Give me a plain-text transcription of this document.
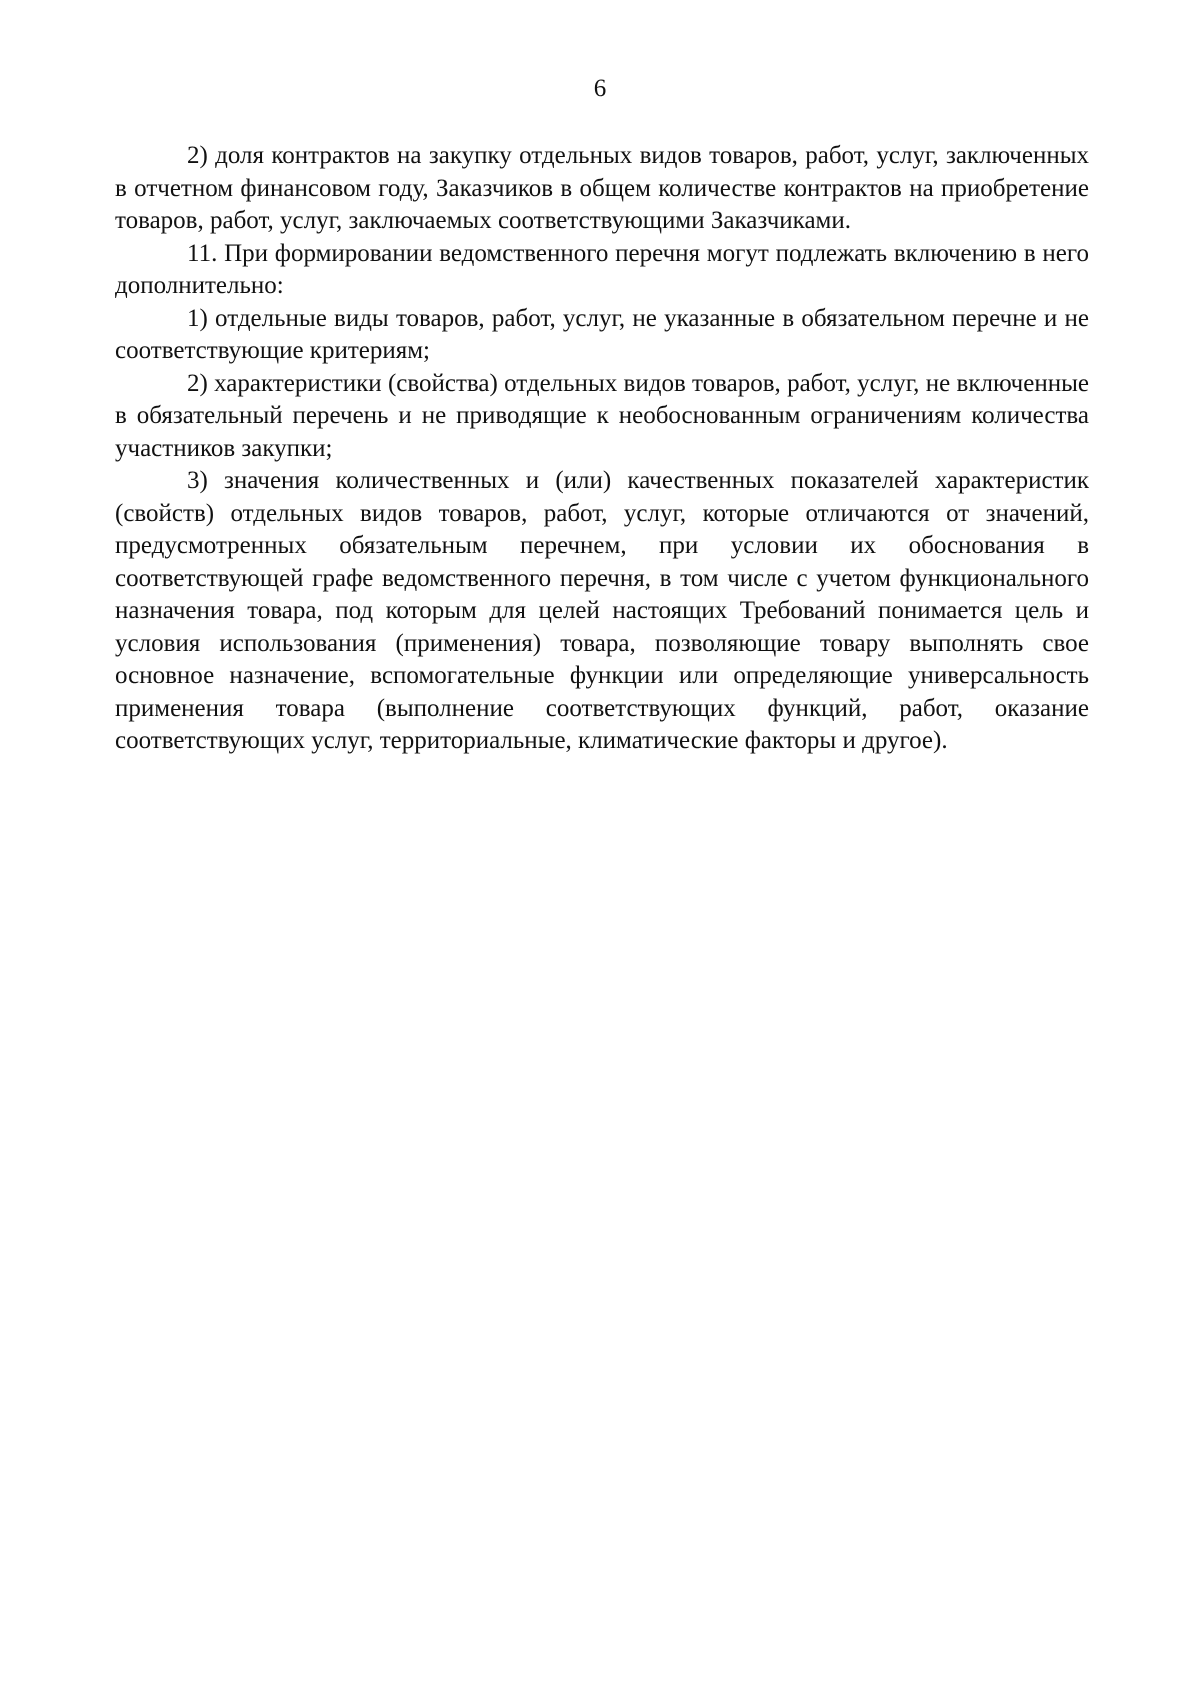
6

2) доля контрактов на закупку отдельных видов товаров, работ, услуг, заключенных в отчетном финансовом году, Заказчиков в общем количестве контрактов на приобретение товаров, работ, услуг, заключаемых соответствующими Заказчиками.

11. При формировании ведомственного перечня могут подлежать включению в него дополнительно:

1) отдельные виды товаров, работ, услуг, не указанные в обязательном перечне и не соответствующие критериям;

2) характеристики (свойства) отдельных видов товаров, работ, услуг, не включенные в обязательный перечень и не приводящие к необоснованным ограничениям количества участников закупки;

3) значения количественных и (или) качественных показателей характеристик (свойств) отдельных видов товаров, работ, услуг, которые отличаются от значений, предусмотренных обязательным перечнем, при условии их обоснования в соответствующей графе ведомственного перечня, в том числе с учетом функционального назначения товара, под которым для целей настоящих Требований понимается цель и условия использования (применения) товара, позволяющие товару выполнять свое основное назначение, вспомогательные функции или определяющие универсальность применения товара (выполнение соответствующих функций, работ, оказание соответствующих услуг, территориальные, климатические факторы и другое).
